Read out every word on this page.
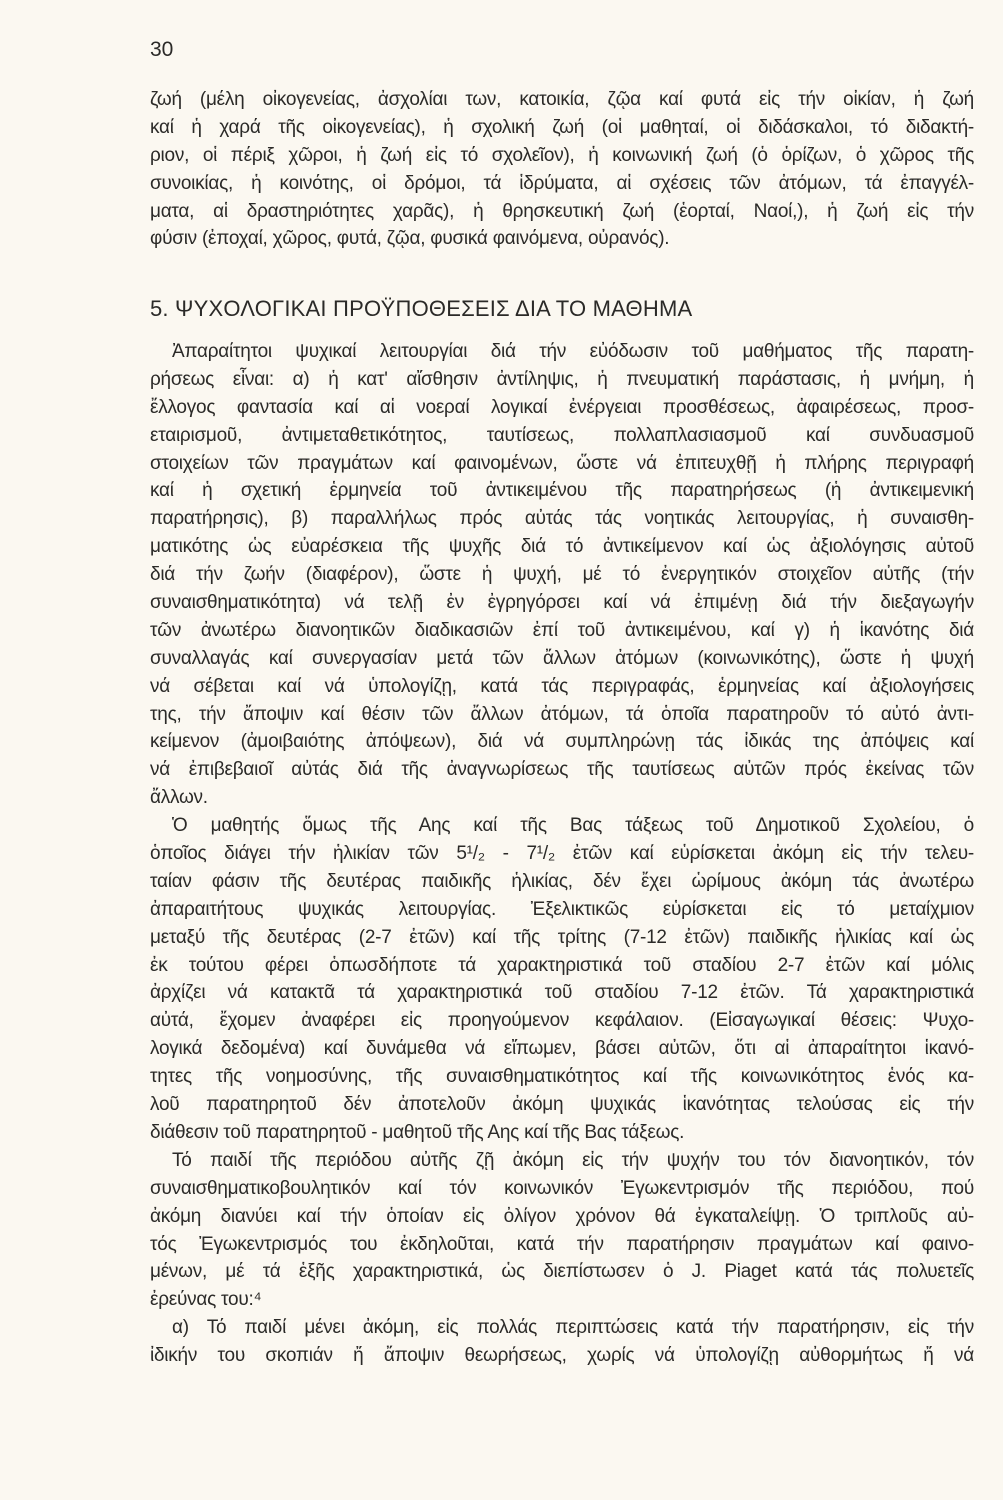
30
ζωή (μέλη οἰκογενείας, ἀσχολίαι των, κατοικία, ζῷα καί φυτά εἰς τήν οἰκίαν, ἡ ζωή
καί ἡ χαρά τῆς οἰκογενείας), ἡ σχολική ζωή (οἱ μαθηταί, οἱ διδάσκαλοι, τό διδακτή-
ριον, οἱ πέριξ χῶροι, ἡ ζωή εἰς τό σχολεῖον), ἡ κοινωνική ζωή (ὁ ὁρίζων, ὁ χῶρος τῆς
συνοικίας, ἡ κοινότης, οἱ δρόμοι, τά ἱδρύματα, αἱ σχέσεις τῶν ἀτόμων, τά ἐπαγγέλ-
ματα, αἱ δραστηριότητες χαρᾶς), ἡ θρησκευτική ζωή (ἑορταί, Ναοί,), ἡ ζωή εἰς τήν
φύσιν (ἐποχαί, χῶρος, φυτά, ζῷα, φυσικά φαινόμενα, οὐρανός).
5. ΨΥΧΟΛΟΓΙΚΑΙ ΠΡΟΫΠΟΘΕΣΕΙΣ ΔΙΑ ΤΟ ΜΑΘΗΜΑ
Ἀπαραίτητοι ψυχικαί λειτουργίαι διά τήν εὐόδωσιν τοῦ μαθήματος τῆς παρατη-
ρήσεως εἶναι: α) ἡ κατ' αἴσθησιν ἀντίληψις, ἡ πνευματική παράστασις, ἡ μνήμη, ἡ
ἔλλογος φαντασία καί αἱ νοεραί λογικαί ἐνέργειαι προσθέσεως, ἀφαιρέσεως, προσ-
εταιρισμοῦ, ἀντιμεταθετικότητος, ταυτίσεως, πολλαπλασιασμοῦ καί συνδυασμοῦ
στοιχείων τῶν πραγμάτων καί φαινομένων, ὥστε νά ἐπιτευχθῇ ἡ πλήρης περιγραφή
καί ἡ σχετική ἑρμηνεία τοῦ ἀντικειμένου τῆς παρατηρήσεως (ἡ ἀντικειμενική
παρατήρησις), β) παραλλήλως πρός αὐτάς τάς νοητικάς λειτουργίας, ἡ συναισθη-
ματικότης ὡς εὐαρέσκεια τῆς ψυχῆς διά τό ἀντικείμενον καί ὡς ἀξιολόγησις αὐτοῦ
διά τήν ζωήν (διαφέρον), ὥστε ἡ ψυχή, μέ τό ἐνεργητικόν στοιχεῖον αὐτῆς (τήν
συναισθηματικότητα) νά τελῇ ἐν ἐγρηγόρσει καί νά ἐπιμένῃ διά τήν διεξαγωγήν
τῶν ἀνωτέρω διανοητικῶν διαδικασιῶν ἐπί τοῦ ἀντικειμένου, καί γ) ἡ ἱκανότης διά
συναλλαγάς καί συνεργασίαν μετά τῶν ἄλλων ἀτόμων (κοινωνικότης), ὥστε ἡ ψυχή
νά σέβεται καί νά ὑπολογίζῃ, κατά τάς περιγραφάς, ἑρμηνείας καί ἀξιολογήσεις
της, τήν ἄποψιν καί θέσιν τῶν ἄλλων ἀτόμων, τά ὁποῖα παρατηροῦν τό αὐτό ἀντι-
κείμενον (ἀμοιβαιότης ἀπόψεων), διά νά συμπληρώνῃ τάς ἰδικάς της ἀπόψεις καί
νά ἐπιβεβαιοῖ αὐτάς διά τῆς ἀναγνωρίσεως τῆς ταυτίσεως αὐτῶν πρός ἐκείνας τῶν
ἄλλων.
Ὁ μαθητής ὅμως τῆς Αης καί τῆς Βας τάξεως τοῦ Δημοτικοῦ Σχολείου, ὁ
ὁποῖος διάγει τήν ἡλικίαν τῶν 5¹/₂ - 7¹/₂ ἐτῶν καί εὑρίσκεται ἀκόμη εἰς τήν τελευ-
ταίαν φάσιν τῆς δευτέρας παιδικῆς ἡλικίας, δέν ἔχει ὡρίμους ἀκόμη τάς ἀνωτέρω
ἀπαραιτήτους ψυχικάς λειτουργίας. Ἐξελικτικῶς εὑρίσκεται εἰς τό μεταίχμιον
μεταξύ τῆς δευτέρας (2-7 ἐτῶν) καί τῆς τρίτης (7-12 ἐτῶν) παιδικῆς ἡλικίας καί ὡς
ἐκ τούτου φέρει ὁπωσδήποτε τά χαρακτηριστικά τοῦ σταδίου 2-7 ἐτῶν καί μόλις
ἀρχίζει νά κατακτᾶ τά χαρακτηριστικά τοῦ σταδίου 7-12 ἐτῶν. Τά χαρακτηριστικά
αὐτά, ἔχομεν ἀναφέρει εἰς προηγούμενον κεφάλαιον. (Εἰσαγωγικαί θέσεις: Ψυχο-
λογικά δεδομένα) καί δυνάμεθα νά εἴπωμεν, βάσει αὐτῶν, ὅτι αἱ ἀπαραίτητοι ἱκανό-
τητες τῆς νοημοσύνης, τῆς συναισθηματικότητος καί τῆς κοινωνικότητος ἑνός κα-
λοῦ παρατηρητοῦ δέν ἀποτελοῦν ἀκόμη ψυχικάς ἱκανότητας τελούσας εἰς τήν
διάθεσιν τοῦ παρατηρητοῦ - μαθητοῦ τῆς Αης καί τῆς Βας τάξεως.
Τό παιδί τῆς περιόδου αὐτῆς ζῇ ἀκόμη εἰς τήν ψυχήν του τόν διανοητικόν, τόν
συναισθηματικοβουλητικόν καί τόν κοινωνικόν Ἐγωκεντρισμόν τῆς περιόδου, πού
ἀκόμη διανύει καί τήν ὁποίαν εἰς ὀλίγον χρόνον θά ἐγκαταλείψῃ. Ὁ τριπλοῦς αὐ-
τός Ἐγωκεντρισμός του ἐκδηλοῦται, κατά τήν παρατήρησιν πραγμάτων καί φαινο-
μένων, μέ τά ἑξῆς χαρακτηριστικά, ὡς διεπίστωσεν ὁ J. Piaget κατά τάς πολυετεῖς
ἐρεύνας του:⁴
α) Τό παιδί μένει ἀκόμη, εἰς πολλάς περιπτώσεις κατά τήν παρατήρησιν, εἰς τήν
ἰδικήν του σκοπιάν ἤ ἄποψιν θεωρήσεως, χωρίς νά ὑπολογίζῃ αὐθορμήτως ἤ νά
